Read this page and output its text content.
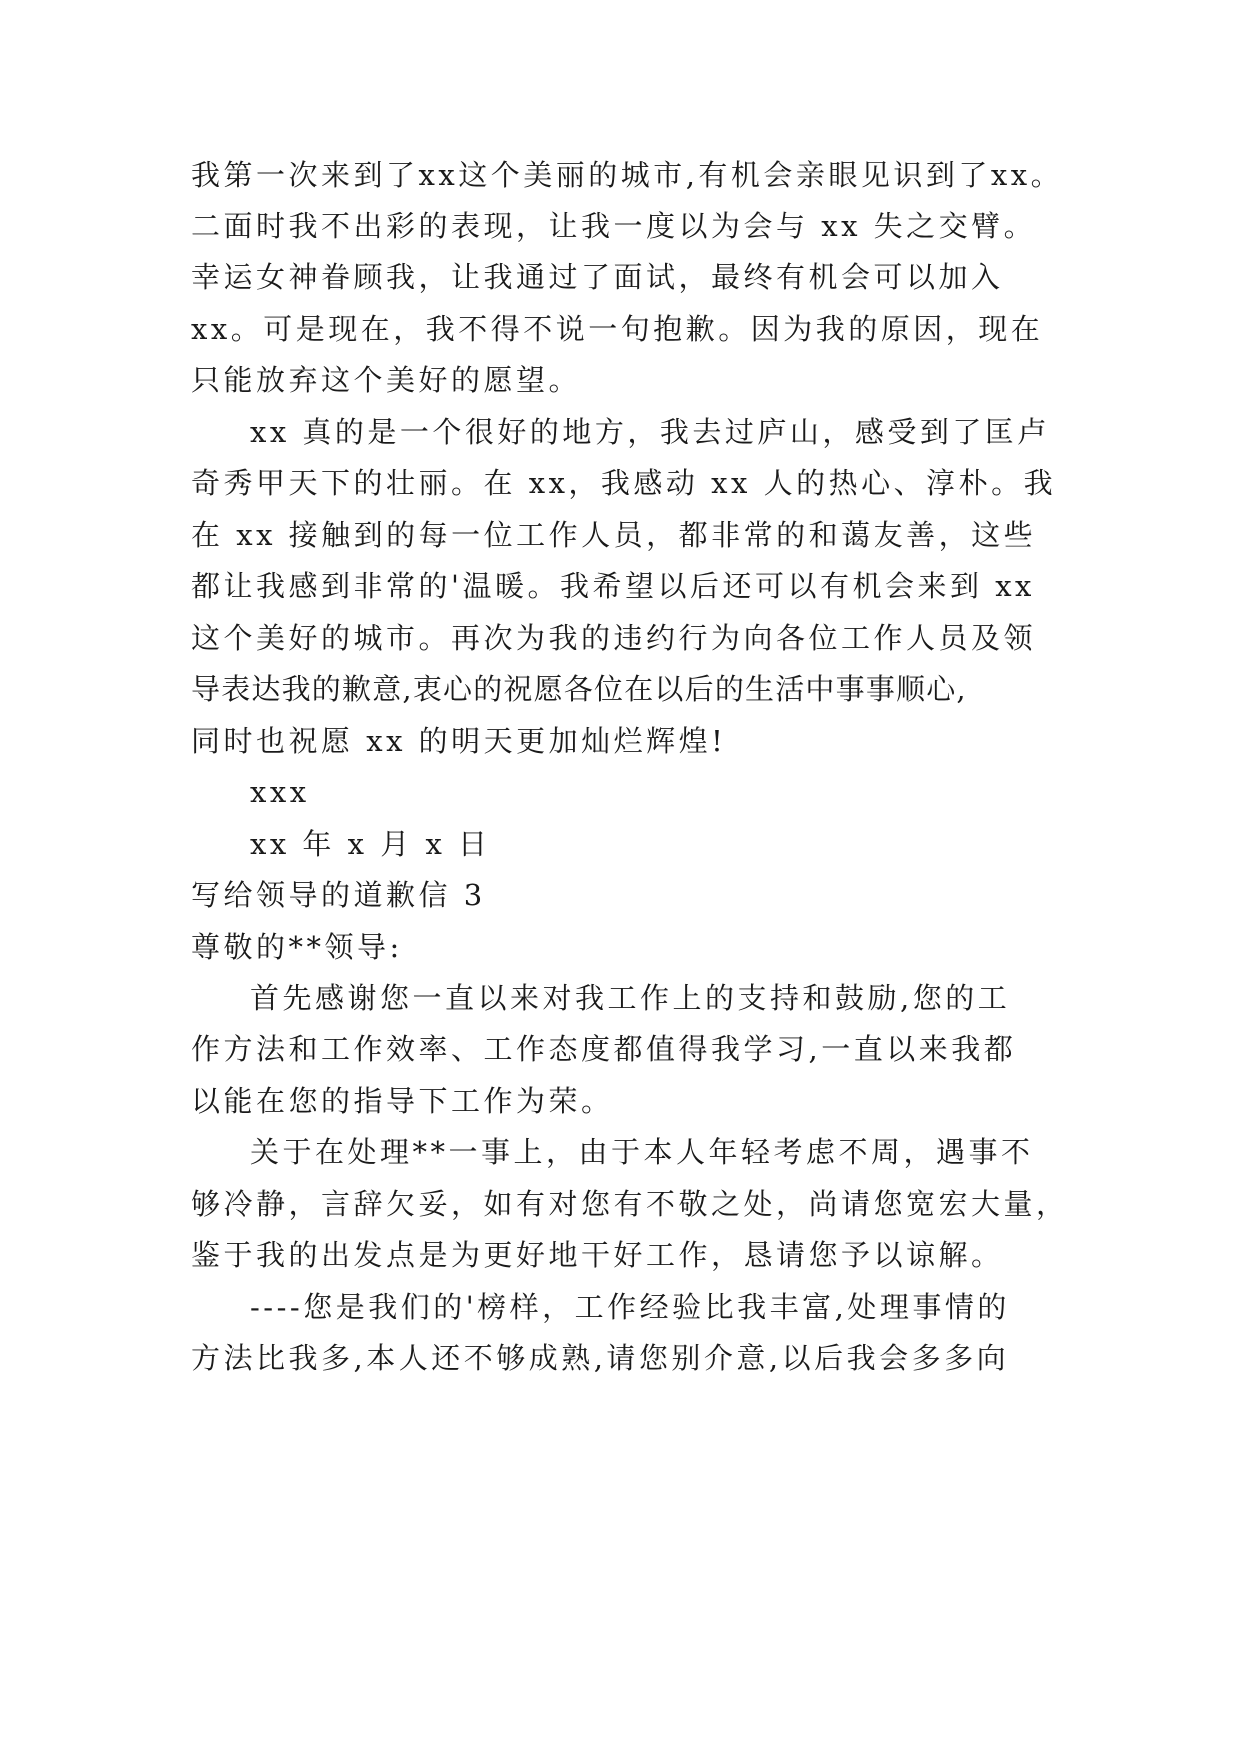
我第一次来到了xx这个美丽的城市,有机会亲眼见识到了xx。
二面时我不出彩的表现，让我一度以为会与 xx 失之交臂。
幸运女神眷顾我，让我通过了面试，最终有机会可以加入
xx。可是现在，我不得不说一句抱歉。因为我的原因，现在
只能放弃这个美好的愿望。
xx 真的是一个很好的地方，我去过庐山，感受到了匡卢
奇秀甲天下的壮丽。在 xx，我感动 xx 人的热心、淳朴。我
在 xx 接触到的每一位工作人员，都非常的和蔼友善，这些
都让我感到非常的'温暖。我希望以后还可以有机会来到 xx
这个美好的城市。再次为我的违约行为向各位工作人员及领
导表达我的歉意,衷心的祝愿各位在以后的生活中事事顺心,
同时也祝愿 xx 的明天更加灿烂辉煌!
xxx
xx 年 x 月 x 日
写给领导的道歉信 3
尊敬的**领导:
首先感谢您一直以来对我工作上的支持和鼓励,您的工
作方法和工作效率、工作态度都值得我学习,一直以来我都
以能在您的指导下工作为荣。
关于在处理**一事上，由于本人年轻考虑不周，遇事不
够冷静，言辞欠妥，如有对您有不敬之处，尚请您宽宏大量，
鉴于我的出发点是为更好地干好工作，恳请您予以谅解。
----您是我们的'榜样，工作经验比我丰富,处理事情的
方法比我多,本人还不够成熟,请您别介意,以后我会多多向
